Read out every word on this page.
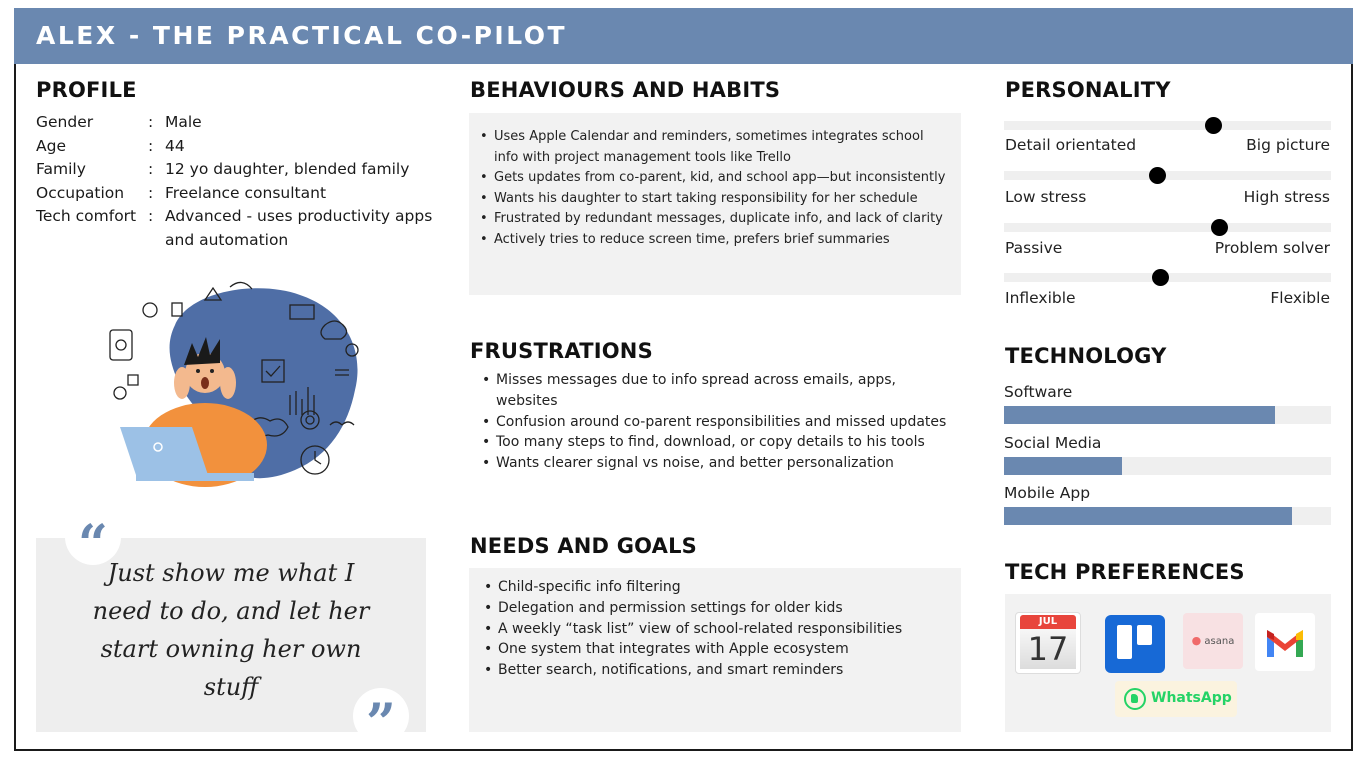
ALEX - THE PRACTICAL CO-PILOT
PROFILE
Gender	: Male
Age	: 44
Family	: 12 yo daughter, blended family
Occupation	: Freelance consultant
Tech comfort : Advanced - uses productivity apps and automation
Just show me what I need to do, and let her start owning her own stuff
“
”
BEHAVIOURS AND HABITS
• Uses Apple Calendar and reminders, sometimes integrates school info with project management tools like Trello
• Gets updates from co-parent, kid, and school app—but inconsistently
• Wants his daughter to start taking responsibility for her schedule
• Frustrated by redundant messages, duplicate info, and lack of clarity
• Actively tries to reduce screen time, prefers brief summaries
FRUSTRATIONS
• Misses messages due to info spread across emails, apps, websites
• Confusion around co-parent responsibilities and missed updates
• Too many steps to find, download, or copy details to his tools
• Wants clearer signal vs noise, and better personalization
NEEDS AND GOALS
• Child-specific info filtering
• Delegation and permission settings for older kids
• A weekly “task list” view of school-related responsibilities
• One system that integrates with Apple ecosystem
• Better search, notifications, and smart reminders
PERSONALITY
Detail orientated	Big picture
Low stress	High stress
Passive	Problem solver
Inflexible	Flexible
TECHNOLOGY
Software
Social Media
Mobile App
TECH PREFERENCES
JUL
17	● asana
WhatsApp
